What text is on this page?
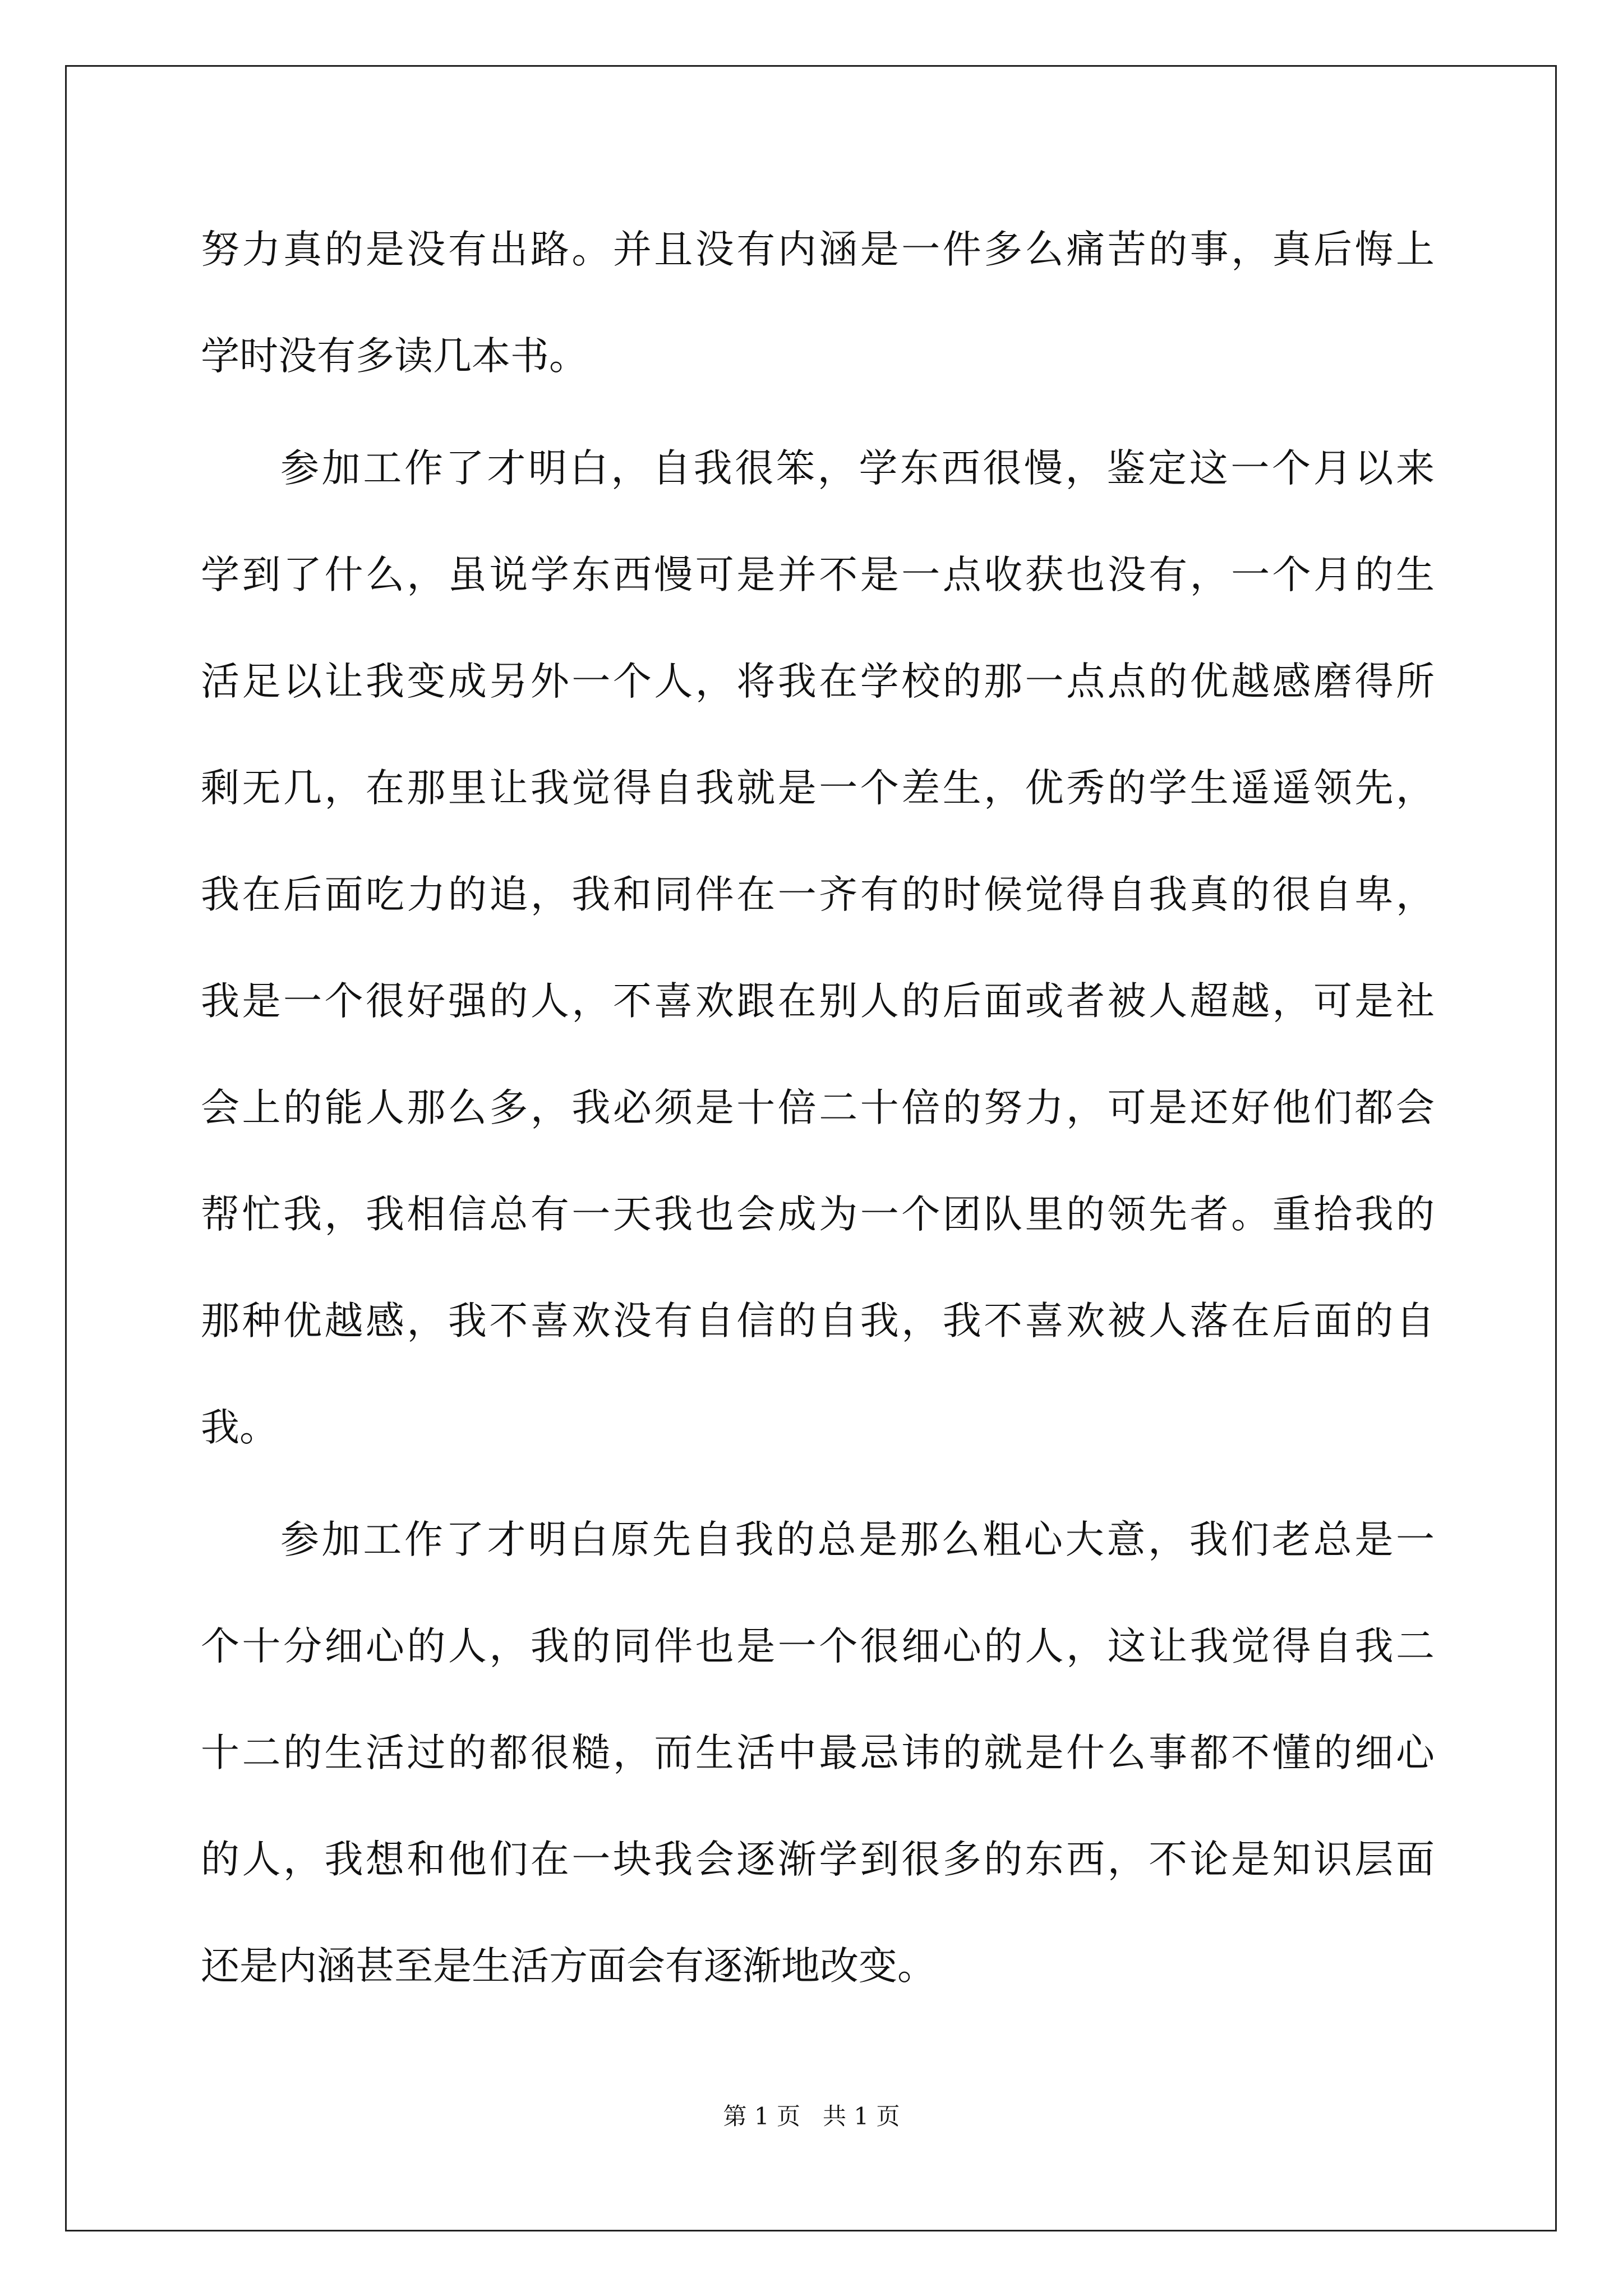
努力真的是没有出路。并且没有内涵是一件多么痛苦的事，真后悔上
学时没有多读几本书。
参加工作了才明白，自我很笨，学东西很慢，鉴定这一个月以来
学到了什么，虽说学东西慢可是并不是一点收获也没有，一个月的生
活足以让我变成另外一个人，将我在学校的那一点点的优越感磨得所
剩无几，在那里让我觉得自我就是一个差生，优秀的学生遥遥领先，
我在后面吃力的追，我和同伴在一齐有的时候觉得自我真的很自卑，
我是一个很好强的人，不喜欢跟在别人的后面或者被人超越，可是社
会上的能人那么多，我必须是十倍二十倍的努力，可是还好他们都会
帮忙我，我相信总有一天我也会成为一个团队里的领先者。重拾我的
那种优越感，我不喜欢没有自信的自我，我不喜欢被人落在后面的自
我。
参加工作了才明白原先自我的总是那么粗心大意，我们老总是一
个十分细心的人，我的同伴也是一个很细心的人，这让我觉得自我二
十二的生活过的都很糙，而生活中最忌讳的就是什么事都不懂的细心
的人，我想和他们在一块我会逐渐学到很多的东西，不论是知识层面
还是内涵甚至是生活方面会有逐渐地改变。
第 1 页   共 1 页
